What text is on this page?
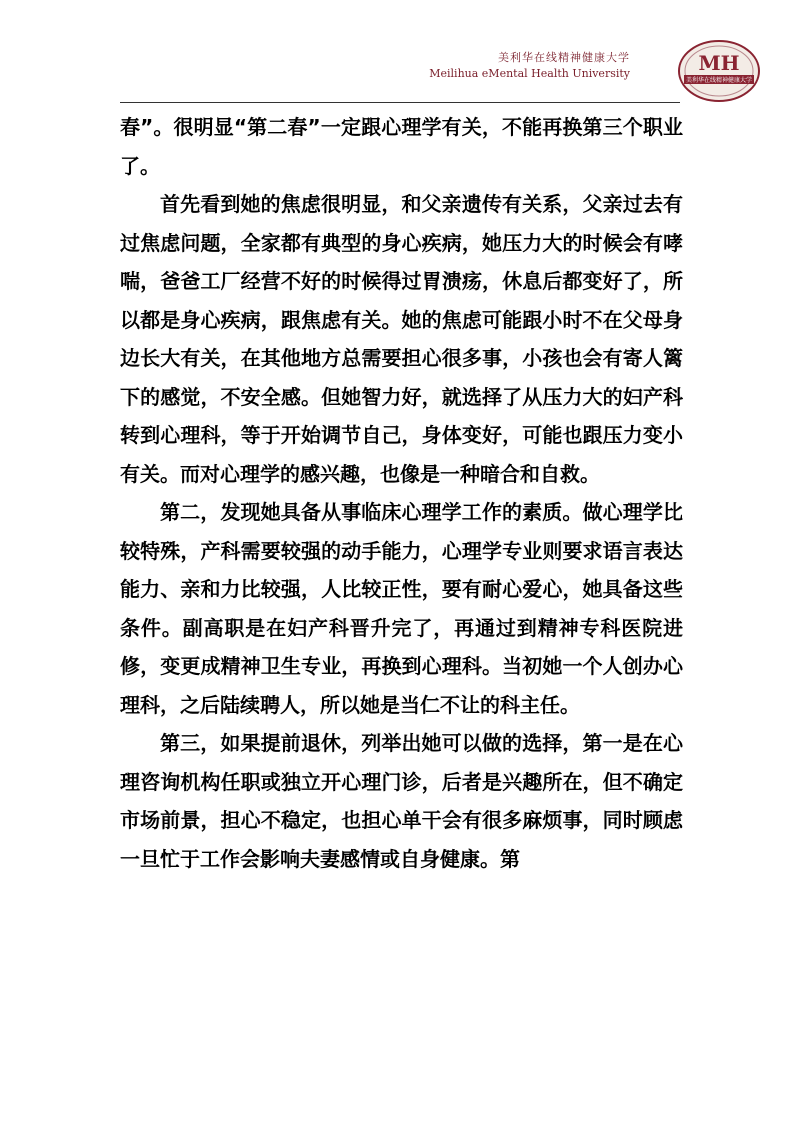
美利华在线精神健康大学
Meilihua eMental Health University	MH
美利华在线精神健康大学

春”。很明显“第二春”一定跟心理学有关，不能再换第三个职业了。

首先看到她的焦虑很明显，和父亲遗传有关系，父亲过去有过焦虑问题，全家都有典型的身心疾病，她压力大的时候会有哮喘，爸爸工厂经营不好的时候得过胃溃疡，休息后都变好了，所以都是身心疾病，跟焦虑有关。她的焦虑可能跟小时不在父母身边长大有关，在其他地方总需要担心很多事，小孩也会有寄人篱下的感觉，不安全感。但她智力好，就选择了从压力大的妇产科转到心理科，等于开始调节自己，身体变好，可能也跟压力变小有关。而对心理学的感兴趣，也像是一种暗合和自救。

第二，发现她具备从事临床心理学工作的素质。做心理学比较特殊，产科需要较强的动手能力，心理学专业则要求语言表达能力、亲和力比较强，人比较正性，要有耐心爱心，她具备这些条件。副高职是在妇产科晋升完了，再通过到精神专科医院进修，变更成精神卫生专业，再换到心理科。当初她一个人创办心理科，之后陆续聘人，所以她是当仁不让的科主任。

第三，如果提前退休，列举出她可以做的选择，第一是在心理咨询机构任职或独立开心理门诊，后者是兴趣所在，但不确定市场前景，担心不稳定，也担心单干会有很多麻烦事，同时顾虑一旦忙于工作会影响夫妻感情或自身健康。第
